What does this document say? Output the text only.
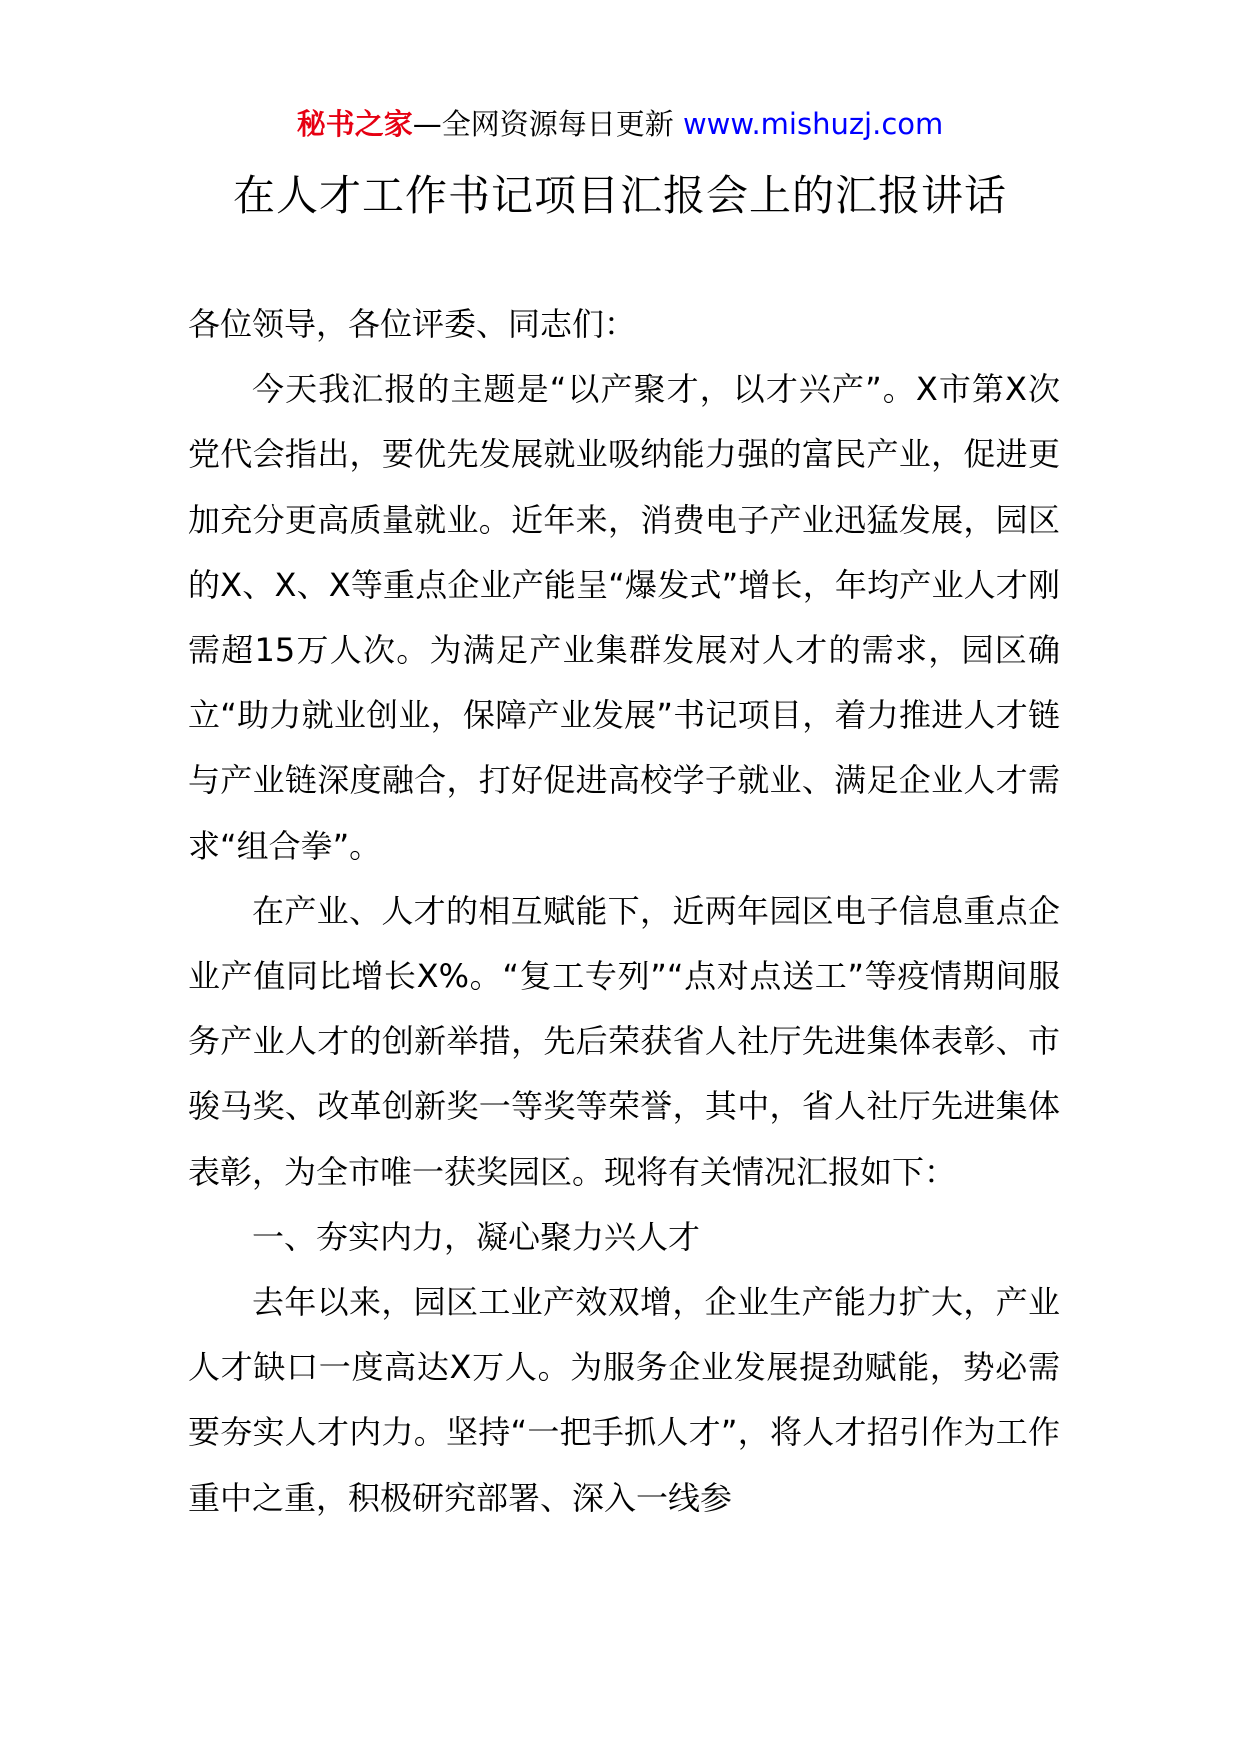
秘书之家—全网资源每日更新 www.mishuzj.com
在人才工作书记项目汇报会上的汇报讲话

各位领导，各位评委、同志们：

今天我汇报的主题是“以产聚才，以才兴产”。X市第X次党代会指出，要优先发展就业吸纳能力强的富民产业，促进更加充分更高质量就业。近年来，消费电子产业迅猛发展，园区的X、X、X等重点企业产能呈“爆发式”增长，年均产业人才刚需超15万人次。为满足产业集群发展对人才的需求，园区确立“助力就业创业，保障产业发展”书记项目，着力推进人才链与产业链深度融合，打好促进高校学子就业、满足企业人才需求“组合拳”。

在产业、人才的相互赋能下，近两年园区电子信息重点企业产值同比增长X%。“复工专列”“点对点送工”等疫情期间服务产业人才的创新举措，先后荣获省人社厅先进集体表彰、市骏马奖、改革创新奖一等奖等荣誉，其中，省人社厅先进集体表彰，为全市唯一获奖园区。现将有关情况汇报如下：

一、夯实内力，凝心聚力兴人才

去年以来，园区工业产效双增，企业生产能力扩大，产业人才缺口一度高达X万人。为服务企业发展提劲赋能，势必需要夯实人才内力。坚持“一把手抓人才”，将人才招引作为工作重中之重，积极研究部署、深入一线参
